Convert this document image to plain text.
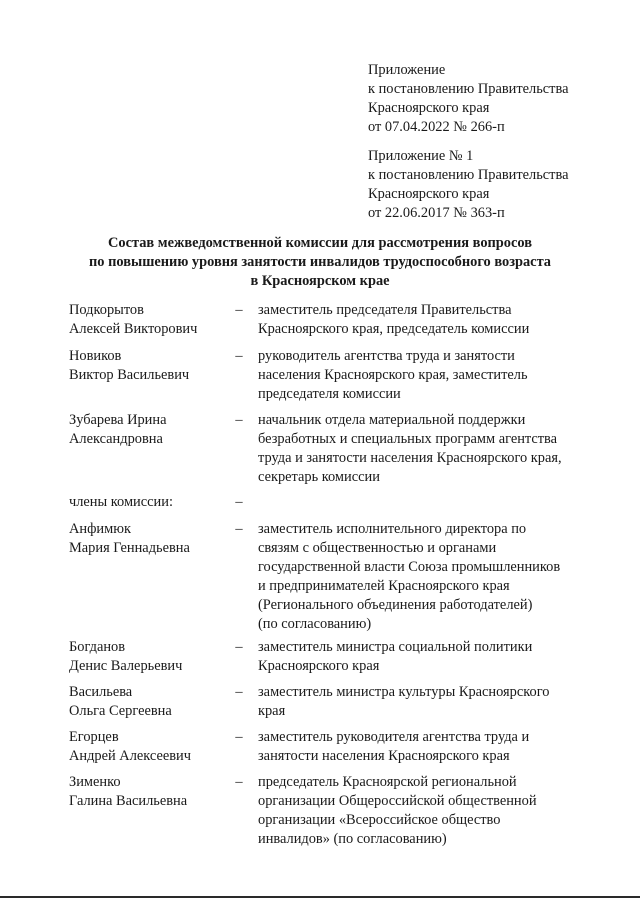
Приложение
к постановлению Правительства
Красноярского края
от 07.04.2022 № 266-п
Приложение № 1
к постановлению Правительства
Красноярского края
от 22.06.2017 № 363-п
Состав межведомственной комиссии для рассмотрения вопросов
по повышению уровня занятости инвалидов трудоспособного возраста
в Красноярском крае
Подкорытов
Алексей Викторович
– заместитель председателя Правительства
Красноярского края, председатель комиссии
Новиков
Виктор Васильевич
– руководитель агентства труда и занятости
населения Красноярского края, заместитель
председателя комиссии
Зубарева Ирина
Александровна
– начальник отдела материальной поддержки
безработных и специальных программ агентства
труда и занятости населения Красноярского края,
секретарь комиссии
члены комиссии:	–
Анфимюк
Мария Геннадьевна
– заместитель исполнительного директора по
связям с общественностью и органами
государственной власти Союза промышленников
и предпринимателей Красноярского края
(Регионального объединения работодателей)
(по согласованию)
Богданов
Денис Валерьевич
– заместитель министра социальной политики
Красноярского края
Васильева
Ольга Сергеевна
– заместитель министра культуры Красноярского
края
Егорцев
Андрей Алексеевич
– заместитель руководителя агентства труда и
занятости населения Красноярского края
Зименко
Галина Васильевна
– председатель Красноярской региональной
организации Общероссийской общественной
организации «Всероссийское общество
инвалидов» (по согласованию)
